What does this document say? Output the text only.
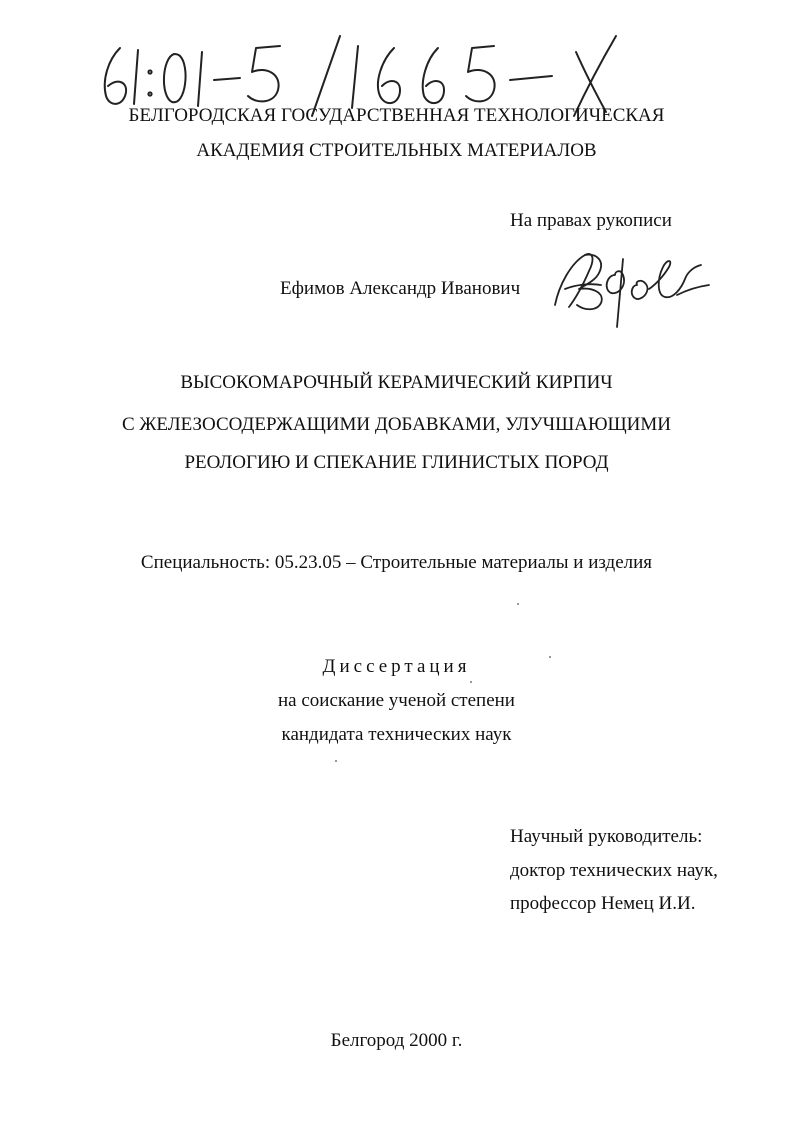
БЕЛГОРОДСКАЯ ГОСУДАРСТВЕННАЯ ТЕХНОЛОГИЧЕСКАЯ
АКАДЕМИЯ СТРОИТЕЛЬНЫХ МАТЕРИАЛОВ
На правах рукописи
Ефимов Александр Иванович
ВЫСОКОМАРОЧНЫЙ КЕРАМИЧЕСКИЙ КИРПИЧ
С ЖЕЛЕЗОСОДЕРЖАЩИМИ ДОБАВКАМИ, УЛУЧШАЮЩИМИ
РЕОЛОГИЮ И СПЕКАНИЕ ГЛИНИСТЫХ ПОРОД
Специальность: 05.23.05 – Строительные материалы и изделия
Диссертация
на соискание ученой степени
кандидата технических наук
Научный руководитель:
доктор технических наук,
профессор Немец И.И.
Белгород 2000 г.
